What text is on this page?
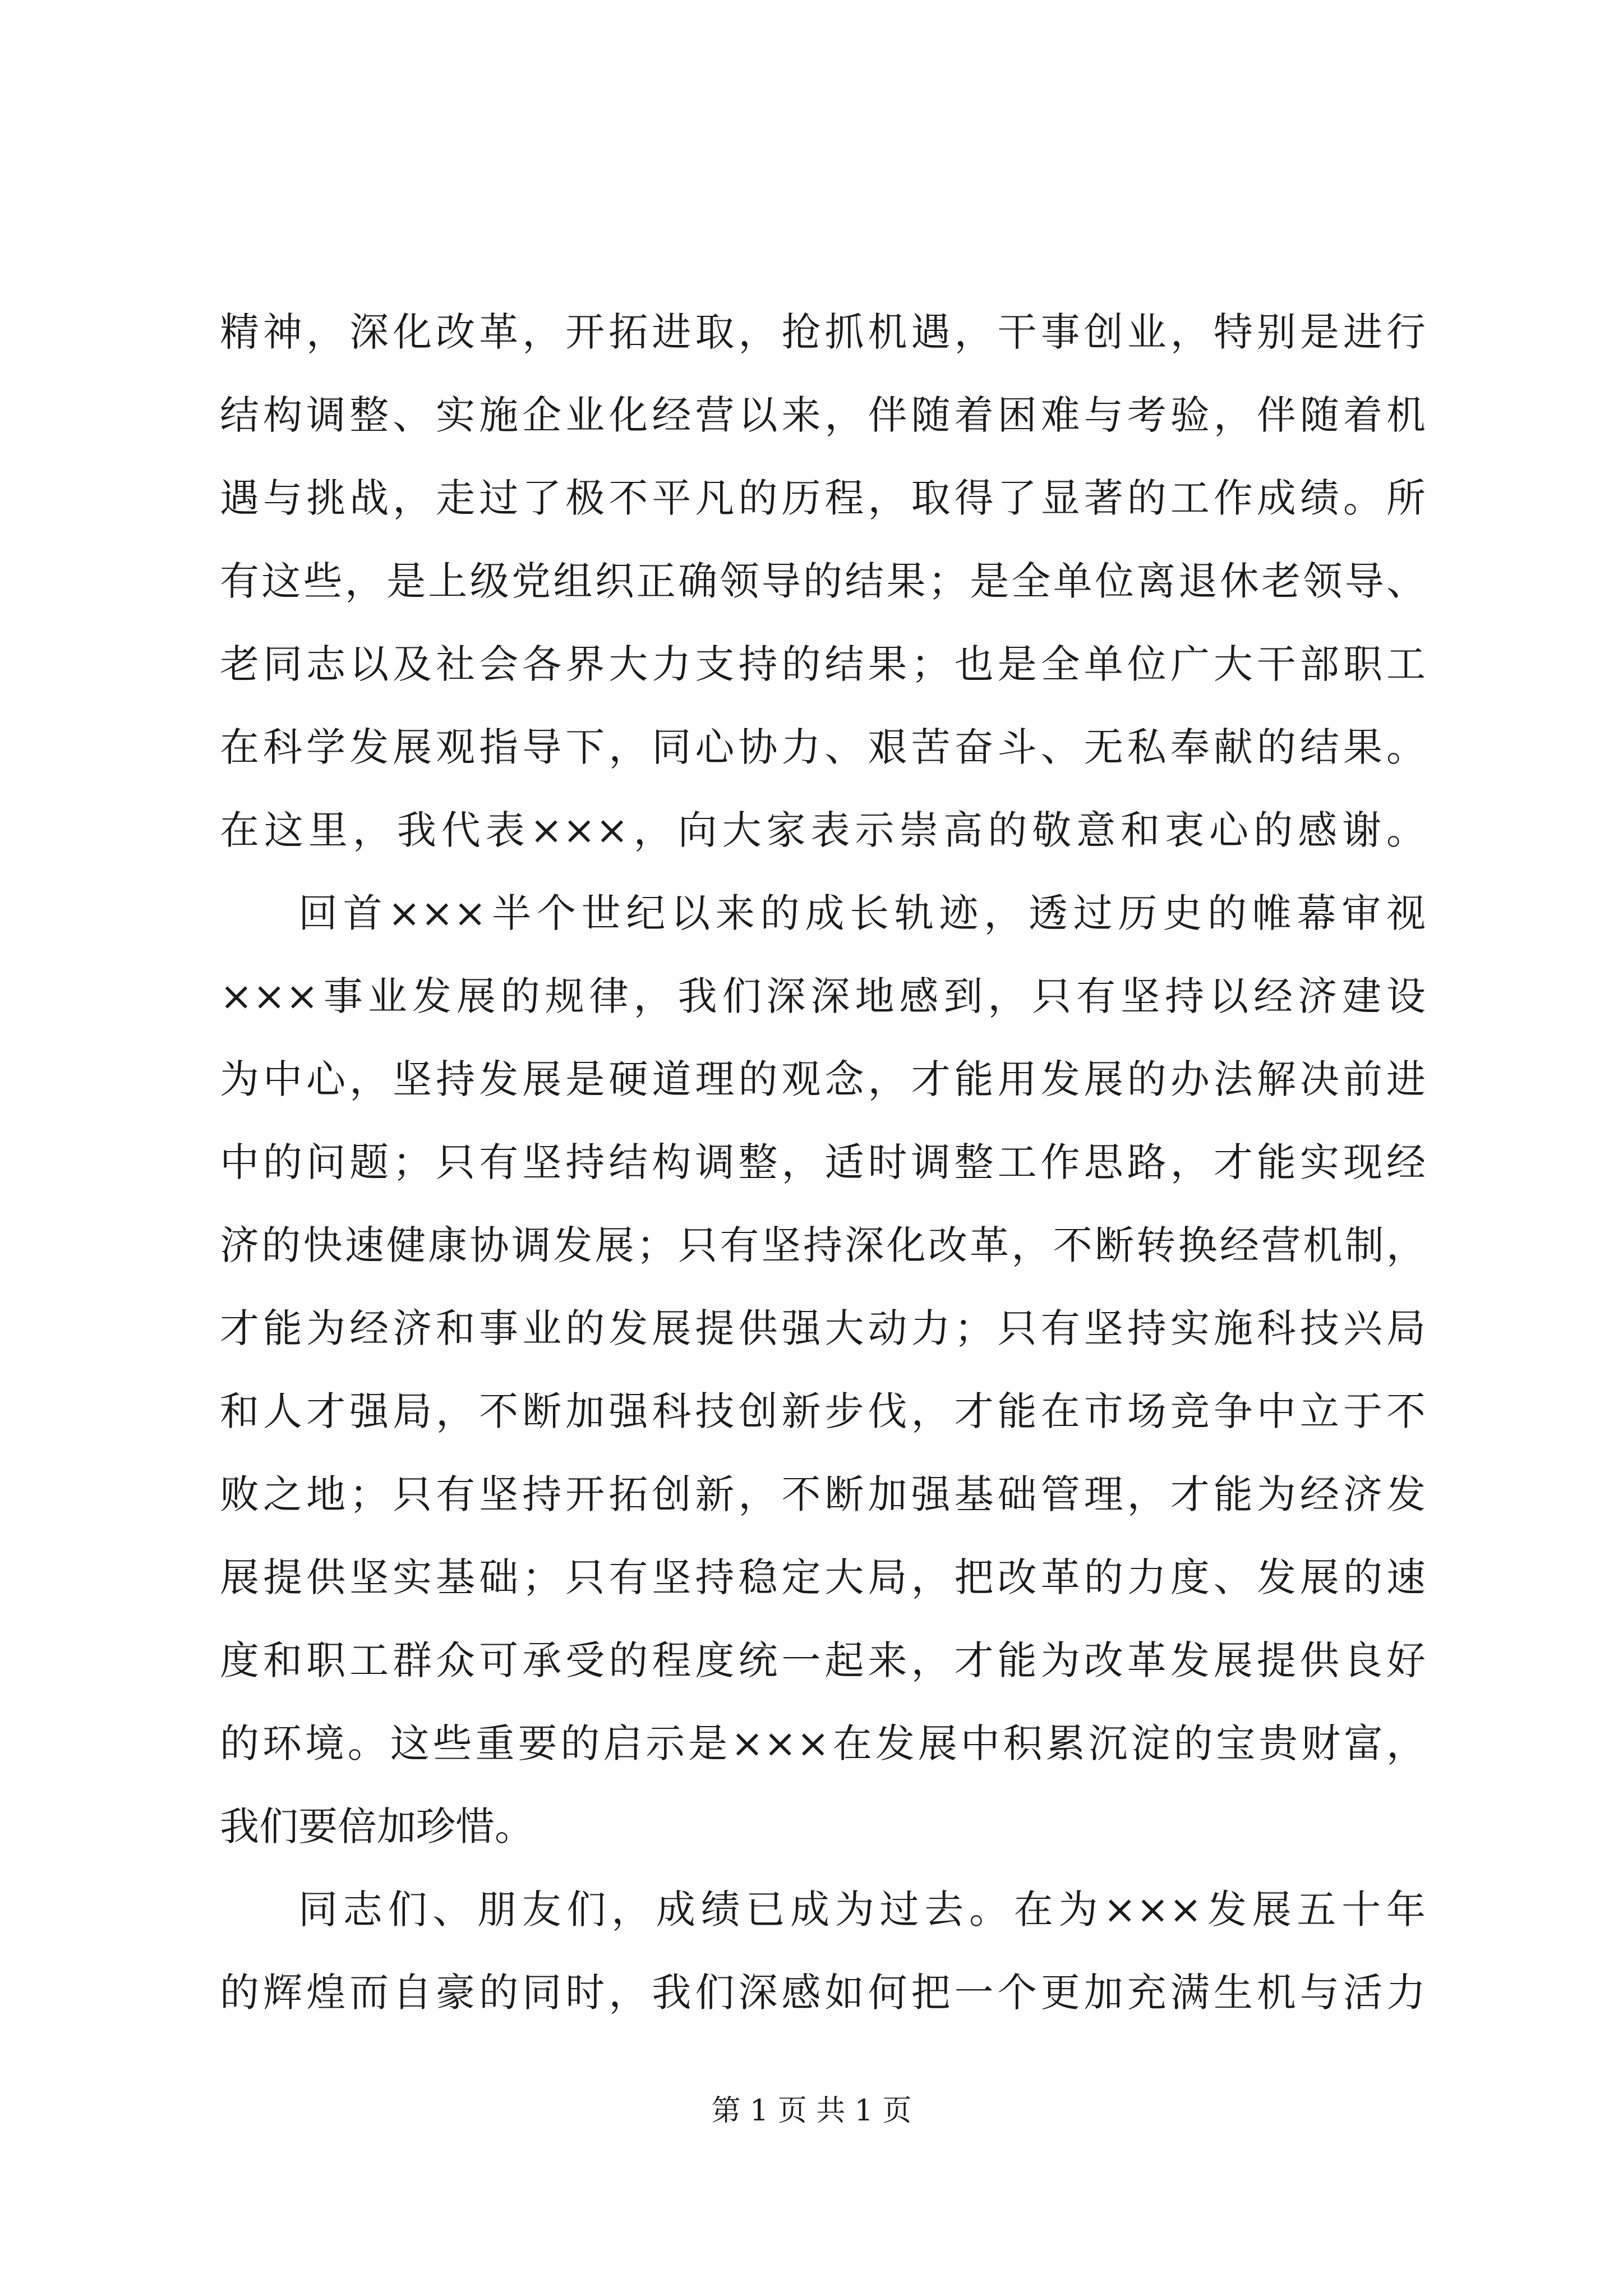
精神，深化改革，开拓进取，抢抓机遇，干事创业，特别是进行
结构调整、实施企业化经营以来，伴随着困难与考验，伴随着机
遇与挑战，走过了极不平凡的历程，取得了显著的工作成绩。所
有这些，是上级党组织正确领导的结果；是全单位离退休老领导、
老同志以及社会各界大力支持的结果；也是全单位广大干部职工
在科学发展观指导下，同心协力、艰苦奋斗、无私奉献的结果。
在这里，我代表×××，向大家表示崇高的敬意和衷心的感谢。
回首×××半个世纪以来的成长轨迹，透过历史的帷幕审视
×××事业发展的规律，我们深深地感到，只有坚持以经济建设
为中心，坚持发展是硬道理的观念，才能用发展的办法解决前进
中的问题；只有坚持结构调整，适时调整工作思路，才能实现经
济的快速健康协调发展；只有坚持深化改革，不断转换经营机制，
才能为经济和事业的发展提供强大动力；只有坚持实施科技兴局
和人才强局，不断加强科技创新步伐，才能在市场竞争中立于不
败之地；只有坚持开拓创新，不断加强基础管理，才能为经济发
展提供坚实基础；只有坚持稳定大局，把改革的力度、发展的速
度和职工群众可承受的程度统一起来，才能为改革发展提供良好
的环境。这些重要的启示是×××在发展中积累沉淀的宝贵财富，
我们要倍加珍惜。
同志们、朋友们，成绩已成为过去。在为×××发展五十年
的辉煌而自豪的同时，我们深感如何把一个更加充满生机与活力
第 1 页 共 1 页
